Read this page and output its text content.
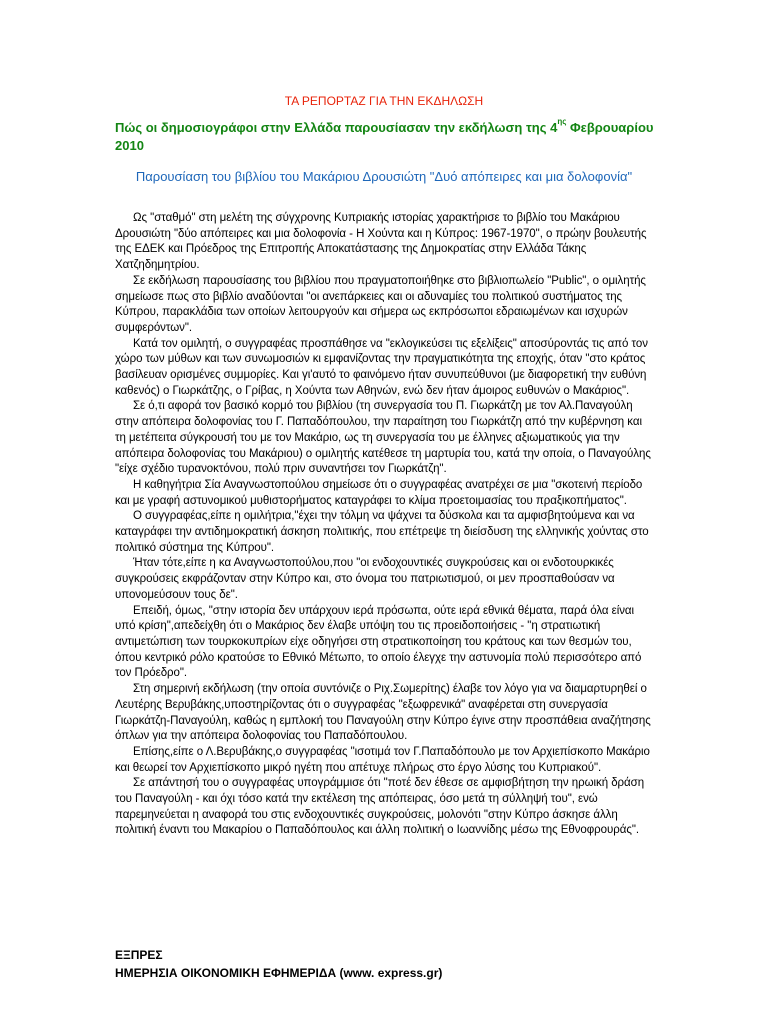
ΤΑ ΡΕΠΟΡΤΑΖ ΓΙΑ ΤΗΝ ΕΚΔΗΛΩΣΗ
Πώς οι δημοσιογράφοι στην Ελλάδα παρουσίασαν την εκδήλωση της $4^{\eta\varsigma}$ Φεβρουαρίου 2010
Παρουσίαση του βιβλίου του Μακάριου Δρουσιώτη "Δυό απόπειρες και μια δολοφονία"

Ως "σταθμό" στη μελέτη της σύγχρονης Κυπριακής ιστορίας χαρακτήρισε το βιβλίο του Μακάριου Δρουσιώτη "δύο απόπειρες και μια δολοφονία - Η Χούντα και η Κύπρος: 1967-1970", ο πρώην βουλευτής της ΕΔΕΚ και Πρόεδρος της Επιτροπής Αποκατάστασης της Δημοκρατίας στην Ελλάδα Τάκης Χατζηδημητρίου.

Σε εκδήλωση παρουσίασης του βιβλίου που πραγματοποιήθηκε στο βιβλιοπωλείο "Public", ο ομιλητής σημείωσε πως στο βιβλίο αναδύονται "οι ανεπάρκειες και οι αδυναμίες του πολιτικού συστήματος της Κύπρου, παρακλάδια των οποίων λειτουργούν και σήμερα ως εκπρόσωποι εδραιωμένων και ισχυρών συμφερόντων".

Κατά τον ομιλητή, ο συγγραφέας προσπάθησε να "εκλογικεύσει τις εξελίξεις" αποσύροντάς τις από τον χώρο των μύθων και των συνωμοσιών κι εμφανίζοντας την πραγματικότητα της εποχής, όταν "στο κράτος βασίλευαν ορισμένες συμμορίες. Και γι'αυτό το φαινόμενο ήταν συνυπεύθυνοι (με διαφορετική την ευθύνη καθενός) ο Γιωρκάτζης, ο Γρίβας, η Χούντα των Αθηνών, ενώ δεν ήταν άμοιρος ευθυνών ο Μακάριος".

Σε ό,τι αφορά τον βασικό κορμό του βιβλίου (τη συνεργασία του Π. Γιωρκάτζη με τον Αλ.Παναγούλη στην απόπειρα δολοφονίας του Γ. Παπαδόπουλου, την παραίτηση του Γιωρκάτζη από την κυβέρνηση και τη μετέπειτα σύγκρουσή του με τον Μακάριο, ως τη συνεργασία του με έλληνες αξιωματικούς για την απόπειρα δολοφονίας του Μακάριου) ο ομιλητής κατέθεσε τη μαρτυρία του, κατά την οποία, ο Παναγούλης "είχε σχέδιο τυρανοκτόνου, πολύ πριν συναντήσει τον Γιωρκάτζη".

Η καθηγήτρια Σία Αναγνωστοπούλου σημείωσε ότι ο συγγραφέας ανατρέχει σε μια "σκοτεινή περίοδο και με γραφή αστυνομικού μυθιστορήματος καταγράφει το κλίμα προετοιμασίας του πραξικοπήματος".

Ο συγγραφέας,είπε η ομιλήτρια,"έχει την τόλμη να ψάχνει τα δύσκολα και τα αμφισβητούμενα και να καταγράφει την αντιδημοκρατική άσκηση πολιτικής, που επέτρεψε τη διείσδυση της ελληνικής χούντας στο πολιτικό σύστημα της Κύπρου".

Ήταν τότε,είπε η κα Αναγνωστοπούλου,που "οι ενδοχουντικές συγκρούσεις και οι ενδοτουρκικές συγκρούσεις εκφράζονταν στην Κύπρο και, στο όνομα του πατριωτισμού, οι μεν προσπαθούσαν να υπονομεύσουν τους δε".

Επειδή, όμως, "στην ιστορία δεν υπάρχουν ιερά πρόσωπα, ούτε ιερά εθνικά θέματα, παρά όλα είναι υπό κρίση",απεδείχθη ότι ο Μακάριος δεν έλαβε υπόψη του τις προειδοποιήσεις - "η στρατιωτική αντιμετώπιση των τουρκοκυπρίων είχε οδηγήσει στη στρατικοποίηση του κράτους και των θεσμών του, όπου κεντρικό ρόλο κρατούσε το Εθνικό Μέτωπο, το οποίο έλεγχε την αστυνομία πολύ περισσότερο από τον Πρόεδρο".

Στη σημερινή εκδήλωση (την οποία συντόνιζε ο Ριχ.Σωμερίτης) έλαβε τον λόγο για να διαμαρτυρηθεί ο Λευτέρης Βερυβάκης,υποστηρίζοντας ότι ο συγγραφέας "εξωφρενικά" αναφέρεται στη συνεργασία Γιωρκάτζη-Παναγούλη, καθώς η εμπλοκή του Παναγούλη στην Κύπρο έγινε στην προσπάθεια αναζήτησης όπλων για την απόπειρα δολοφονίας του Παπαδόπουλου.

Επίσης,είπε ο Λ.Βερυβάκης,ο συγγραφέας "ισοτιμά τον Γ.Παπαδόπουλο με τον Αρχιεπίσκοπο Μακάριο και θεωρεί τον Αρχιεπίσκοπο μικρό ηγέτη που απέτυχε πλήρως στο έργο λύσης του Κυπριακού".

Σε απάντησή του ο συγγραφέας υπογράμμισε ότι "ποτέ δεν έθεσε σε αμφισβήτηση την ηρωική δράση του Παναγούλη - και όχι τόσο κατά την εκτέλεση της απόπειρας, όσο μετά τη σύλληψή του", ενώ παρεμηνεύεται η αναφορά του στις ενδοχουντικές συγκρούσεις, μολονότι "στην Κύπρο άσκησε άλλη πολιτική έναντι του Μακαρίου ο Παπαδόπουλος και άλλη πολιτική ο Ιωαννίδης μέσω της Εθνοφρουράς".

ΕΞΠΡΕΣ
ΗΜΕΡΗΣΙΑ ΟΙΚΟΝΟΜΙΚΗ ΕΦΗΜΕΡΙΔΑ (www. express.gr)
